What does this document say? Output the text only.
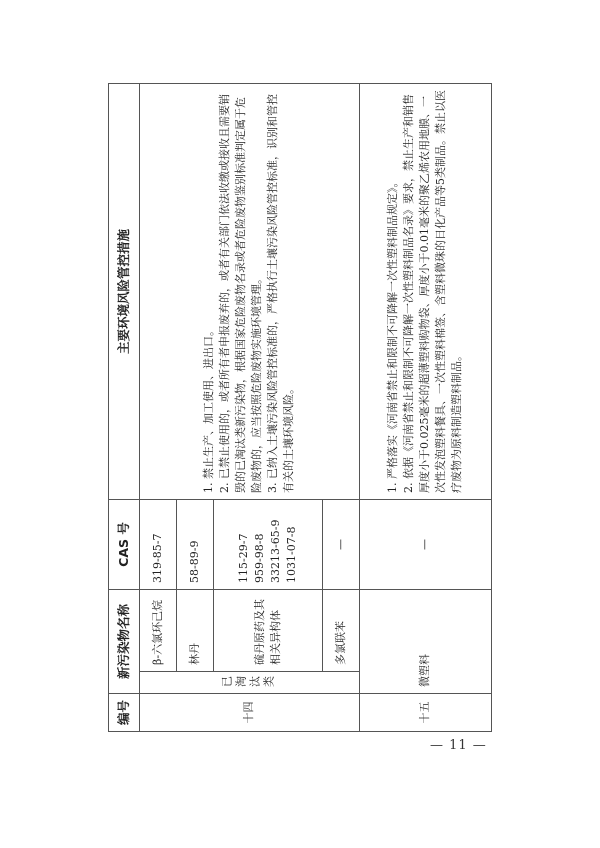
编号	新污染物名称		CAS 号	主要环境风险管控措施
十四	已淘汰类	β-六氯环己烷	319-85-7	1. 禁止生产、加工使用、进出口。 2. 已禁止使用的，或者所有者申报废弃的，或者有关部门依法收缴或接收且需要销毁的已淘汰类新污染物，根据国家危险废物名录或者危险废物鉴别标准判定属于危险废物的，应当按照危险废物实施环境管理。 3. 已纳入土壤污染风险管控标准的，严格执行土壤污染风险管控标准，识别和管控有关的土壤环境风险。

		林丹	58-89-9	
		硫丹原药及其相关异构体	115-29-7 959-98-8 33213-65-9 1031-07-8	

		多氯联苯	—	
十五	微塑料		—	1. 严格落实《河南省禁止和限制不可降解一次性塑料制品规定》。 2. 依据《河南省禁止和限制不可降解一次性塑料制品名录》要求，禁止生产和销售厚度小于0.025毫米的超薄塑料购物袋、厚度小于0.01毫米的聚乙烯农用地膜、一次性发泡塑料餐具、一次性塑料棉签、含塑料微珠的日化产品等5类制品。禁止以医疗废物为原料制造塑料制品。

— 11 —
